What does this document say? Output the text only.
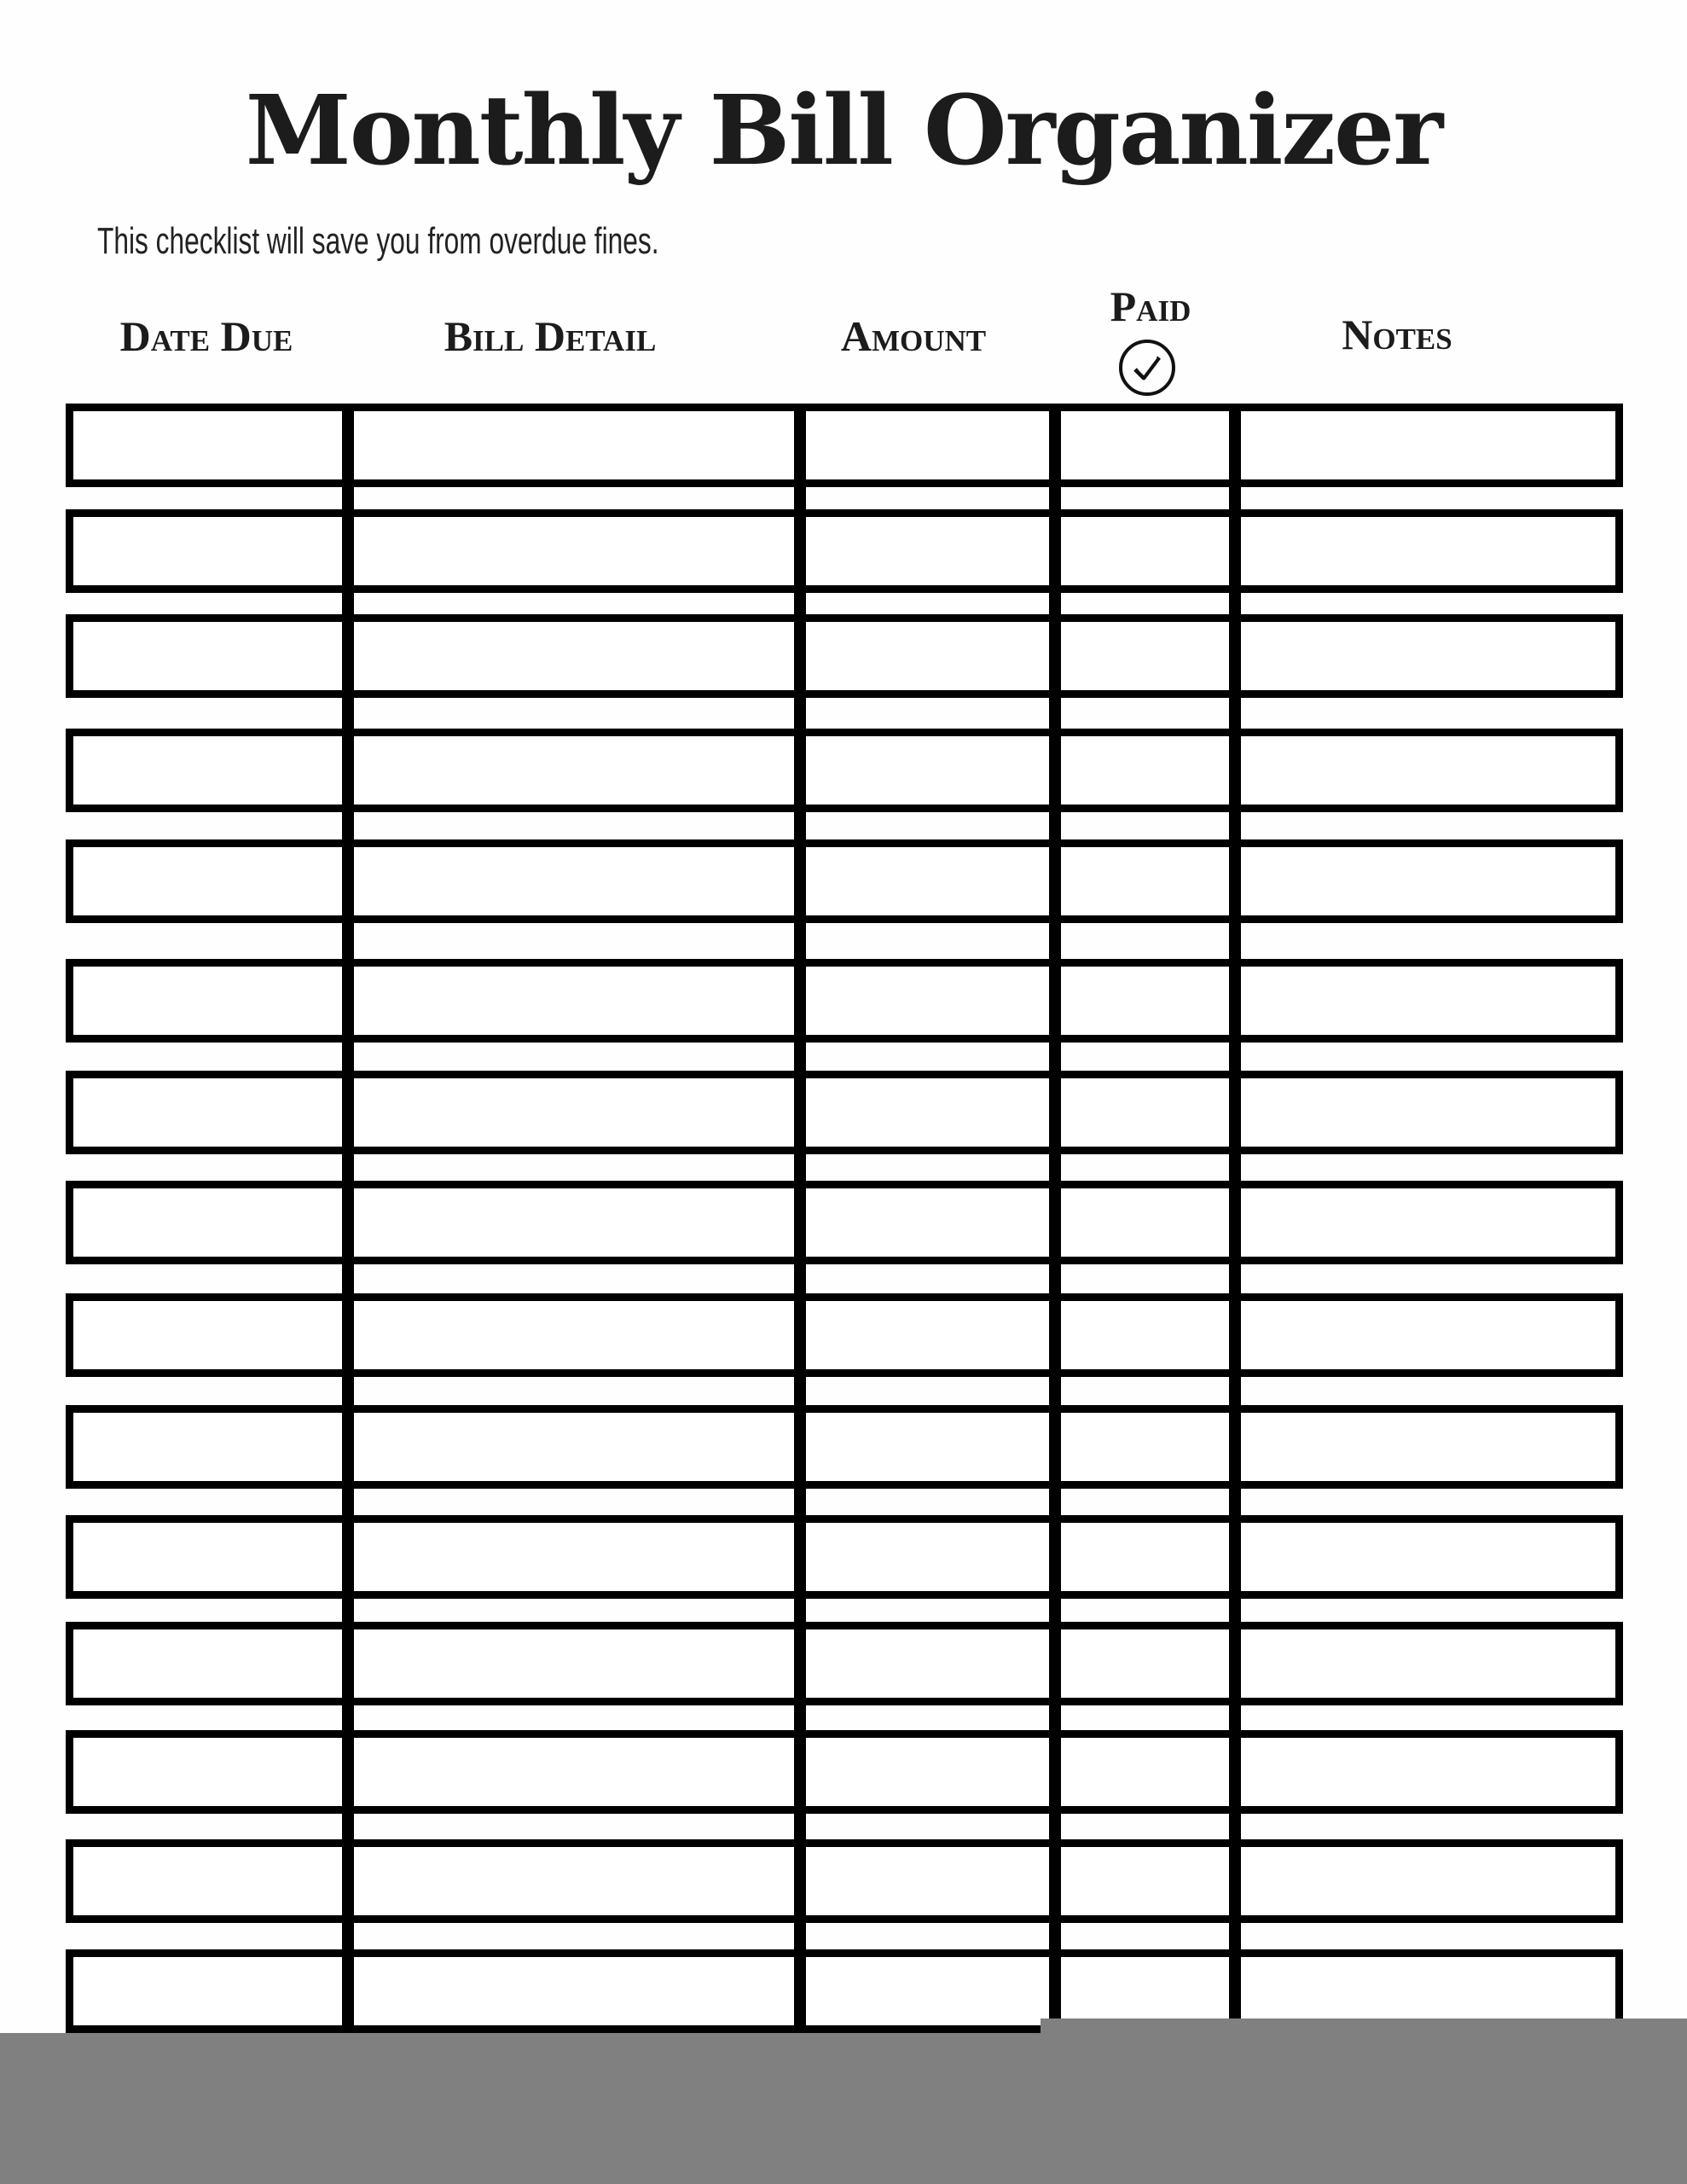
Monthly Bill Organizer
This checklist will save you from overdue fines.
Date Due	Bill Detail	Amount
Paid
Notes
